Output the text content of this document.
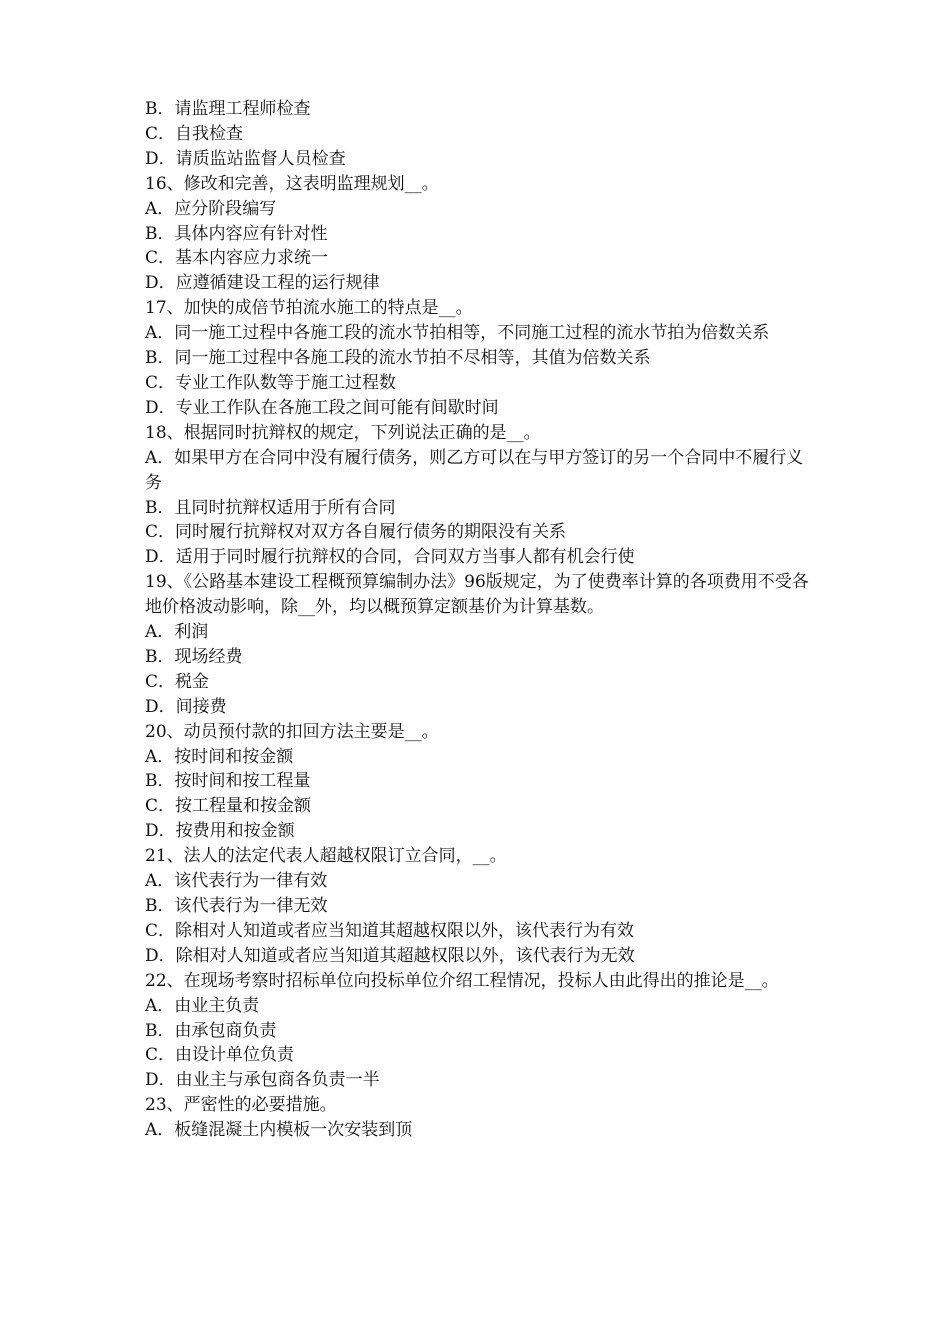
B．请监理工程师检查

C．自我检查

D．请质监站监督人员检查

16、修改和完善，这表明监理规划__。

A．应分阶段编写

B．具体内容应有针对性

C．基本内容应力求统一

D．应遵循建设工程的运行规律

17、加快的成倍节拍流水施工的特点是__。

A．同一施工过程中各施工段的流水节拍相等，不同施工过程的流水节拍为倍数关系

B．同一施工过程中各施工段的流水节拍不尽相等，其值为倍数关系

C．专业工作队数等于施工过程数

D．专业工作队在各施工段之间可能有间歇时间

18、根据同时抗辩权的规定，下列说法正确的是__。

A．如果甲方在合同中没有履行债务，则乙方可以在与甲方签订的另一个合同中不履行义务

B．且同时抗辩权适用于所有合同

C．同时履行抗辩权对双方各自履行债务的期限没有关系

D．适用于同时履行抗辩权的合同，合同双方当事人都有机会行使

19、《公路基本建设工程概预算编制办法》96版规定，为了使费率计算的各项费用不受各地价格波动影响，除__外，均以概预算定额基价为计算基数。

A．利润

B．现场经费

C．税金

D．间接费

20、动员预付款的扣回方法主要是__。

A．按时间和按金额

B．按时间和按工程量

C．按工程量和按金额

D．按费用和按金额

21、法人的法定代表人超越权限订立合同，__。

A．该代表行为一律有效

B．该代表行为一律无效

C．除相对人知道或者应当知道其超越权限以外，该代表行为有效

D．除相对人知道或者应当知道其超越权限以外，该代表行为无效

22、在现场考察时招标单位向投标单位介绍工程情况，投标人由此得出的推论是__。

A．由业主负责

B．由承包商负责

C．由设计单位负责

D．由业主与承包商各负责一半

23、严密性的必要措施。

A．板缝混凝土内模板一次安装到顶
